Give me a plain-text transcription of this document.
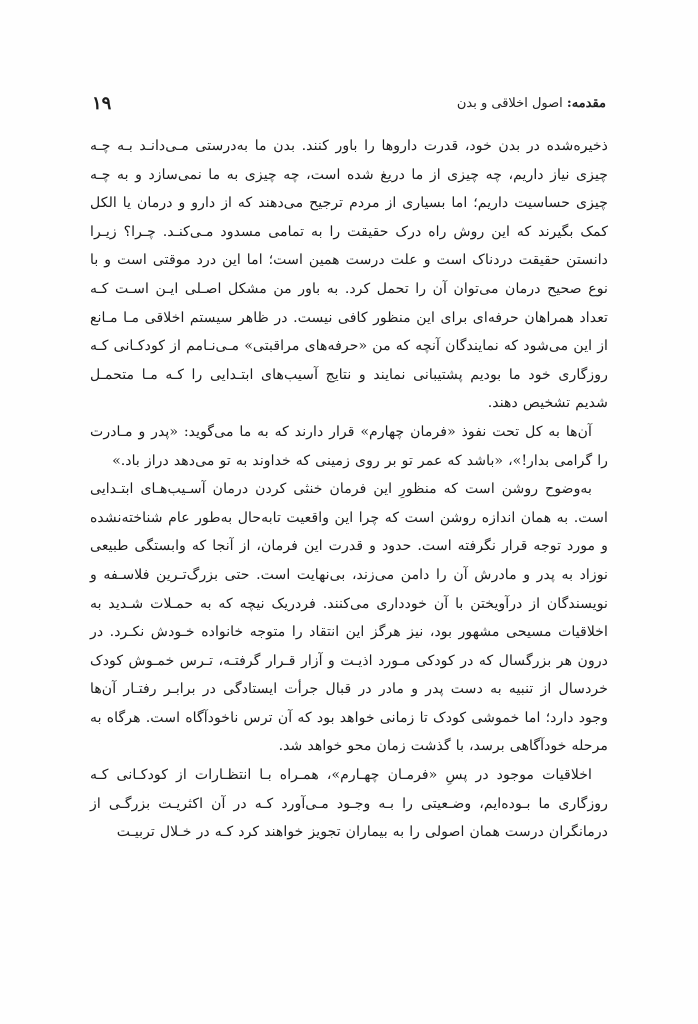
مقدمه: اصول اخلاقی و بدن
۱۹

ذخیره‌شده در بدن خود، قدرت داروها را باور کنند. بدن ما به‌درستی مـی‌دانـد بـه چـه چیزی نیاز داریم، چه چیزی از ما دریغ شده است، چه چیزی به ما نمی‌سازد و به چـه چیزی حساسیت داریم؛ اما بسیاری از مردم ترجیح می‌دهند که از دارو و درمان یا الکل کمک بگیرند که این روش راه درک حقیقت را به تمامی مسدود مـی‌کنـد. چـرا؟ زیـرا دانستن حقیقت دردناک است و علت درست همین است؛ اما این درد موقتی است و با نوع صحیح درمان می‌توان آن را تحمل کرد. به باور من مشکل اصـلی ایـن اسـت کـه تعداد همراهان حرفه‌ای برای این منظور کافی نیست. در ظاهر سیستم اخلاقی مـا مـانع از این می‌شود که نمایندگان آنچه که من «حرفه‌های مراقبتی» مـی‌نـامم از کودکـانی کـه روزگاری خود ما بودیم پشتیبانی نمایند و نتایج آسیب‌های ابتـدایی را کـه مـا متحمـل شدیم تشخیص دهند.

آن‌ها به کل تحت نفوذ «فرمان چهارم» قرار دارند که به ما می‌گوید: «پدر و مـادرت را گرامی بدار!»، «باشد که عمر تو بر روی زمینی که خداوند به تو می‌دهد دراز باد.»

به‌وضوح روشن است که منظورِ این فرمان خنثی کردن درمان آسـیب‌هـای ابتـدایی است. به همان اندازه روشن است که چرا این واقعیت تابه‌حال به‌طور عام شناخته‌نشده و مورد توجه قرار نگرفته است. حدود و قدرت این فرمان، از آنجا که وابستگی طبیعی نوزاد به پدر و مادرش آن را دامن می‌زند، بی‌نهایت است. حتی بزرگ‌تـرین فلاسـفه و نویسندگان از درآویختن با آن خودداری می‌کنند. فردریک نیچه که به حمـلات شـدید به اخلاقیات مسیحی مشهور بود، نیز هرگز این انتقاد را متوجه خانواده خـودش نکـرد. در درون هر بزرگسال که در کودکی مـورد اذیـت و آزار قـرار گرفتـه، تـرس خمـوش کودک خردسال از تنبیه به دست پدر و مادر در قبال جرأت ایستادگی در برابـر رفتـار آن‌ها وجود دارد؛ اما خموشی کودک تا زمانی خواهد بود که آن ترس ناخودآگاه است. هرگاه به مرحله خودآگاهی برسد، با گذشت زمان محو خواهد شد.

اخلاقیات موجود در پسِ «فرمـان چهـارم»، همـراه بـا انتظـارات از کودکـانی کـه روزگاری ما بـوده‌ایم، وضـعیتی را بـه وجـود مـی‌آورد کـه در آن اکثریـت بزرگـی از درمانگران درست همان اصولی را به بیماران تجویز خواهند کرد کـه در خـلال تربیـت
